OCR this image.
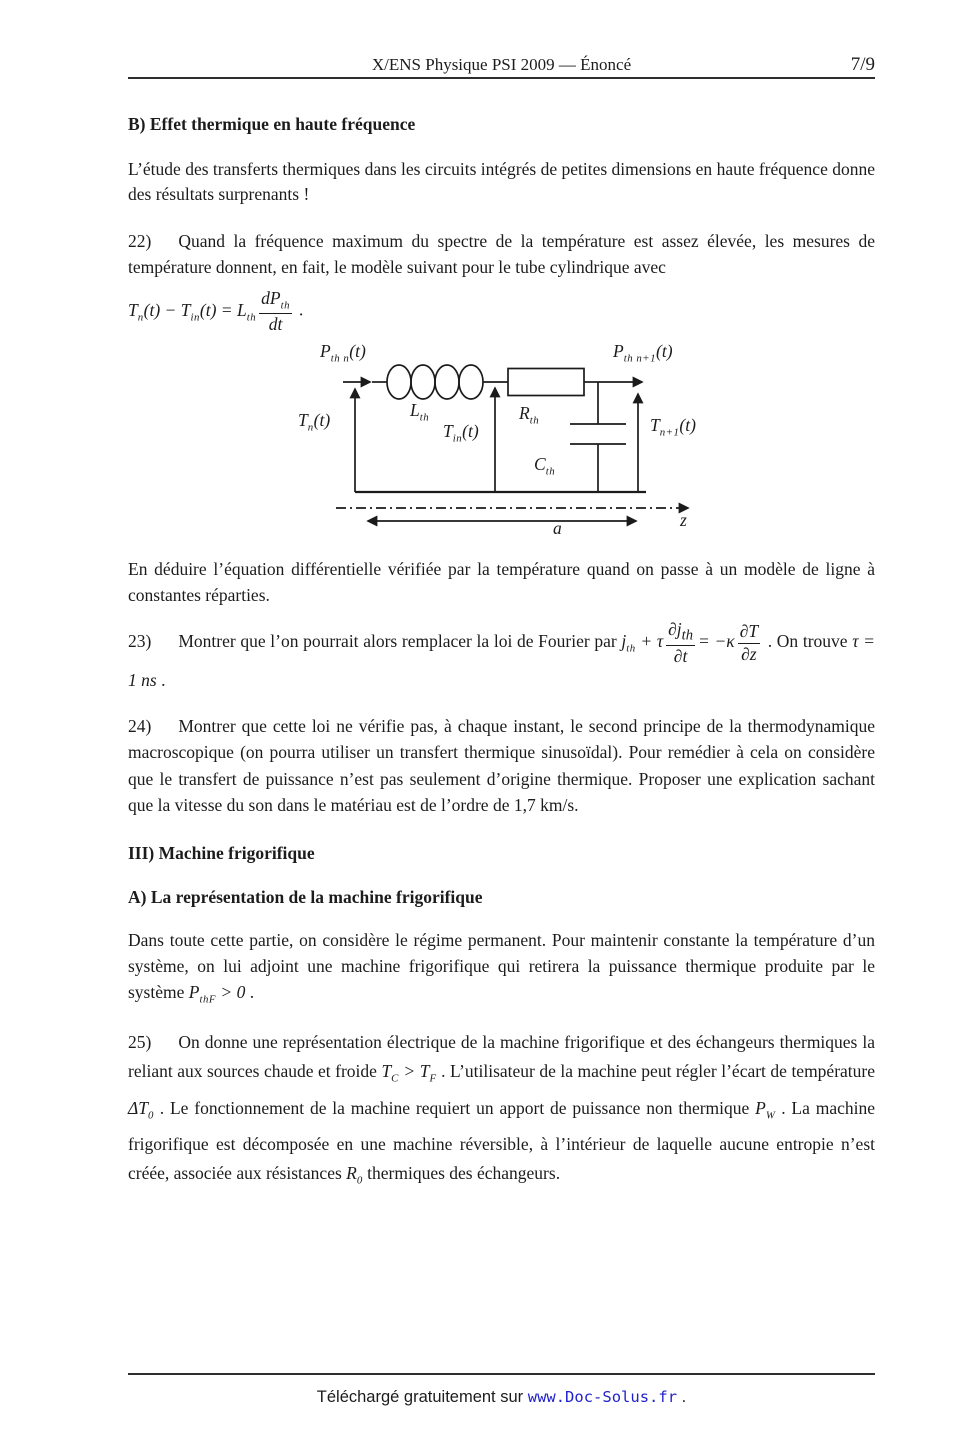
X/ENS Physique PSI 2009 — Énoncé	7/9
B) Effet thermique en haute fréquence

L’étude des transferts thermiques dans les circuits intégrés de petites dimensions en haute fréquence donne des résultats surprenants !

22) Quand la fréquence maximum du spectre de la température est assez élevée, les mesures de température donnent, en fait, le modèle suivant pour le tube cylindrique avec

$T_n(t) - T_{in}(t) = L_{th} \frac{dP_{th}}{dt}$ .
$P_{th n}(t)$	$P_{th n+1}(t)$
$T_n(t)$	$L_{th}$
$T_{in}(t)$
$R_{th}$
$C_{th}$
$T_{n+1}(t)$
z
a

En déduire l’équation différentielle vérifiée par la température quand on passe à un modèle de ligne à constantes réparties.

23) Montrer que l’on pourrait alors remplacer la loi de Fourier par $j_{th} + \tau \frac{\partial j_{th}}{\partial t} = -\kappa \frac{\partial T}{\partial z}$ . On trouve τ = 1 ns .

24) Montrer que cette loi ne vérifie pas, à chaque instant, le second principe de la thermodynamique macroscopique (on pourra utiliser un transfert thermique sinusoïdal). Pour remédier à cela on considère que le transfert de puissance n’est pas seulement d’origine thermique. Proposer une explication sachant que la vitesse du son dans le matériau est de l’ordre de 1,7 km/s.

III) Machine frigorifique
A) La représentation de la machine frigorifique

Dans toute cette partie, on considère le régime permanent. Pour maintenir constante la température d’un système, on lui adjoint une machine frigorifique qui retirera la puissance thermique produite par le système $P_{thF} > 0$ .

25) On donne une représentation électrique de la machine frigorifique et des échangeurs thermiques la reliant aux sources chaude et froide $T_C > T_F$ . L’utilisateur de la machine peut régler l’écart de température $\Delta T_0$ . Le fonctionnement de la machine requiert un apport de puissance non thermique $P_W$ . La machine frigorifique est décomposée en une machine réversible, à l’intérieur de laquelle aucune entropie n’est créée, associée aux résistances $R_0$ thermiques des échangeurs.

Téléchargé gratuitement sur www.Doc-Solus.fr .
